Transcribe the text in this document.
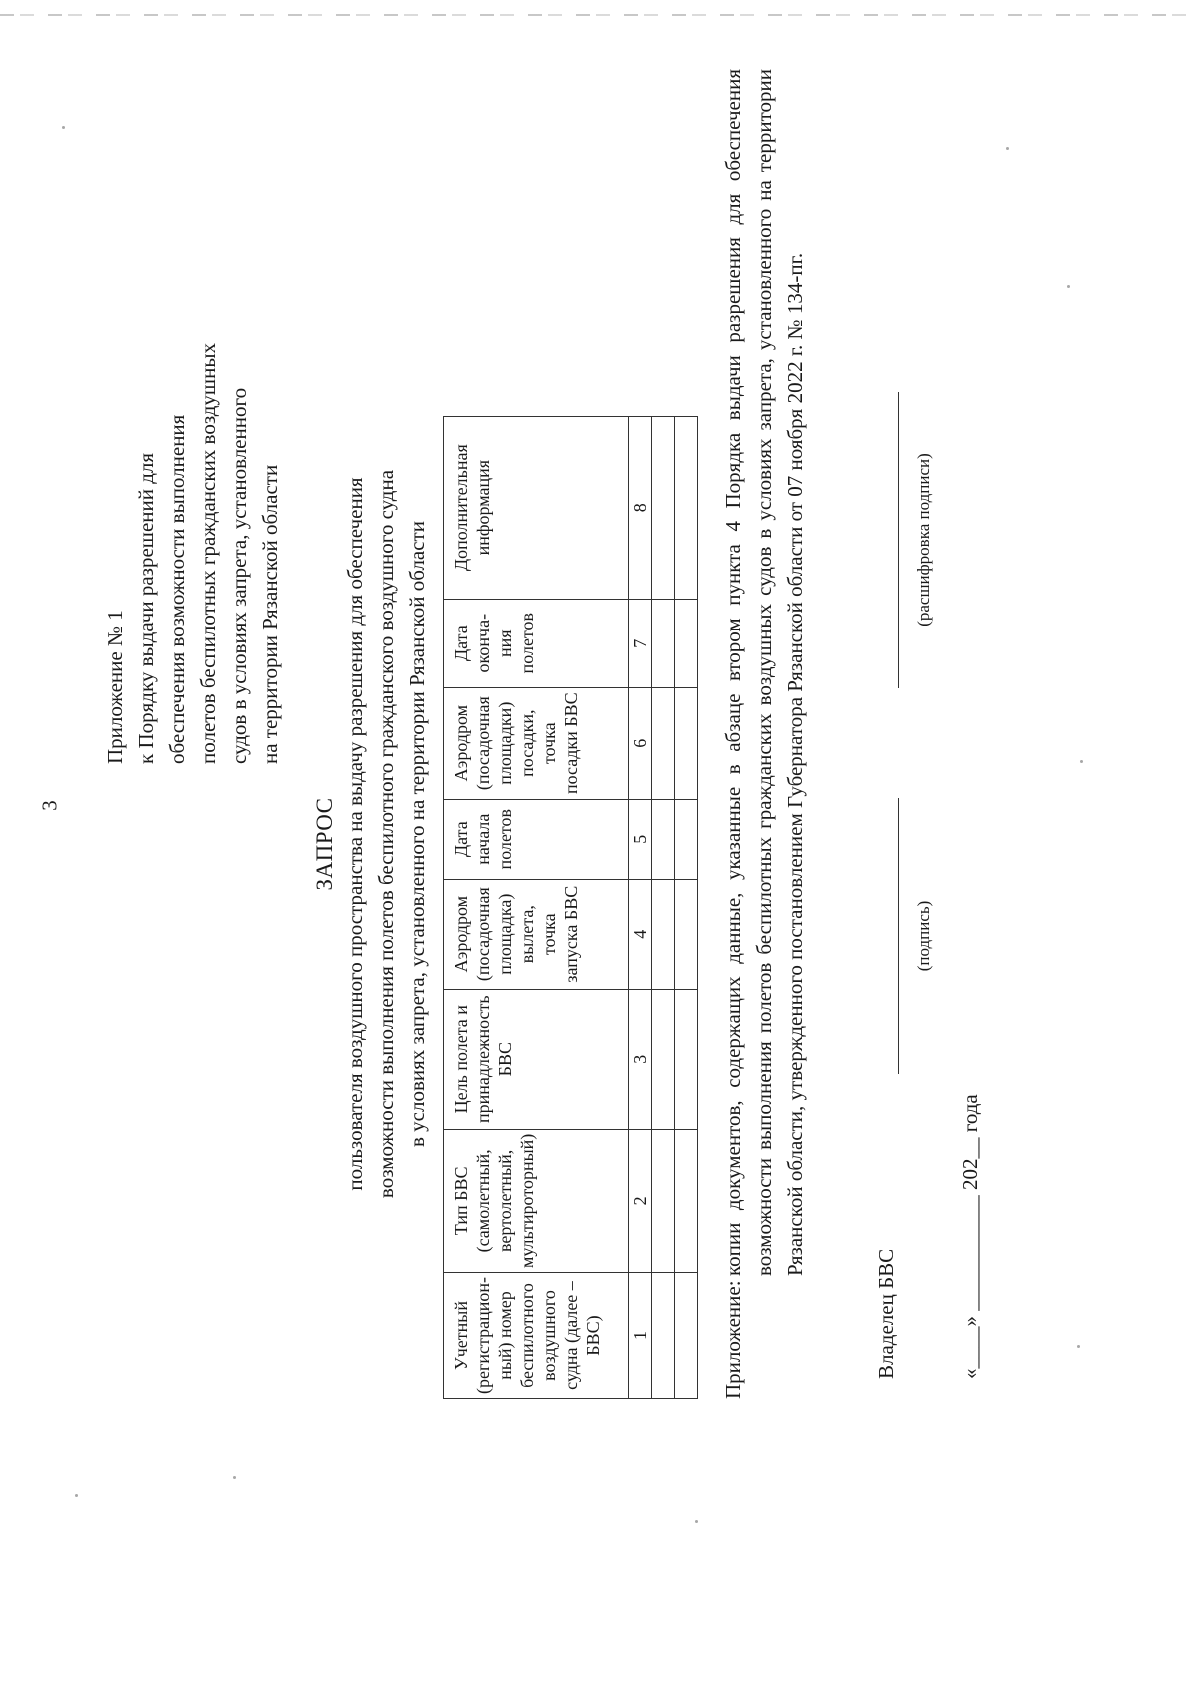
3
Приложение № 1 к Порядку выдачи разрешений для обеспечения возможности выполнения полетов беспилотных гражданских воздушных судов в условиях запрета, установленного на территории Рязанской области
ЗАПРОС пользователя воздушного пространства на выдачу разрешения для обеспечения возможности выполнения полетов беспилотного гражданского воздушного судна в условиях запрета, установленного на территории Рязанской области
Учетный (регистрацион-ный) номер беспилотного воздушного судна (далее – БВС)	Тип БВС (самолетный, вертолетный, мультироторный)	Цель полета и принадлежность БВС	Аэродром (посадочная площадка) вылета, точка запуска БВС	Дата начала полетов	Аэродром (посадочная площадки) посадки, точка посадки БВС	Дата оконча-ния полетов	Дополнительная информация
1	2	3	4	5	6	7	8

Приложение:
копии документов, содержащих данные, указанные в абзаце втором пункта 4 Порядка выдачи разрешения для обеспечения возможности выполнения полетов беспилотных гражданских воздушных судов в условиях запрета, установленного на территории Рязанской области, утвержденного постановлением Губернатора Рязанской области от 07 ноября 2022 г. № 134-пг.
Владелец БВС
(подпись)
(расшифровка подписи)
«____» ___________ 202__ года
